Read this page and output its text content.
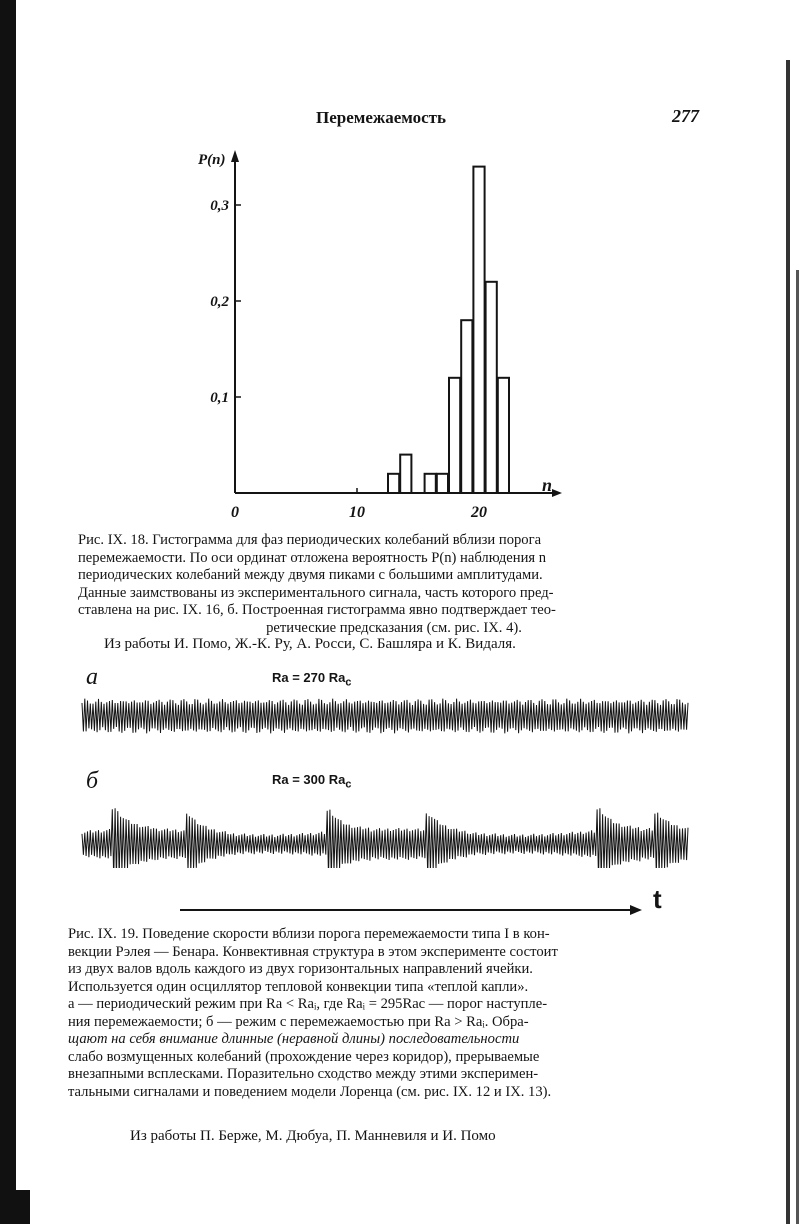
Перемежаемость	277
0,1
0,2
0,3
0	10	20
P(n)
n

Рис. IX. 18. Гистограмма для фаз периодических колебаний вблизи порога

перемежаемости. По оси ординат отложена вероятность P(n) наблюдения n

периодических колебаний между двумя пиками с большими амплитудами.

Данные заимствованы из экспериментального сигнала, часть которого пред-

ставлена на рис. IX. 16, б. Построенная гистограмма явно подтверждает тео-

ретические предсказания (см. рис. IX. 4).

Из работы И. Помо, Ж.-К. Ру, А. Росси, С. Башляра и К. Видаля.
а	Ra = 270 $Ra_c$
б	Ra = 300 $Ra_c$
t

Рис. IX. 19. Поведение скорости вблизи порога перемежаемости типа I в кон-

векции Рэлея — Бенара. Конвективная структура в этом эксперименте состоит

из двух валов вдоль каждого из двух горизонтальных направлений ячейки.

Используется один осциллятор тепловой конвекции типа «теплой капли».

а — периодический режим при Ra < Raᵢ, где Raᵢ = 295Raс — порог наступле-

ния перемежаемости; б — режим с перемежаемостью при Ra > Raᵢ. Обра-

щают на себя внимание длинные (неравной длины) последовательности

слабо возмущенных колебаний (прохождение через коридор), прерываемые

внезапными всплесками. Поразительно сходство между этими эксперимен-

тальными сигналами и поведением модели Лоренца (см. рис. IX. 12 и IX. 13).

Из работы П. Берже, М. Дюбуа, П. Манневиля и И. Помо
